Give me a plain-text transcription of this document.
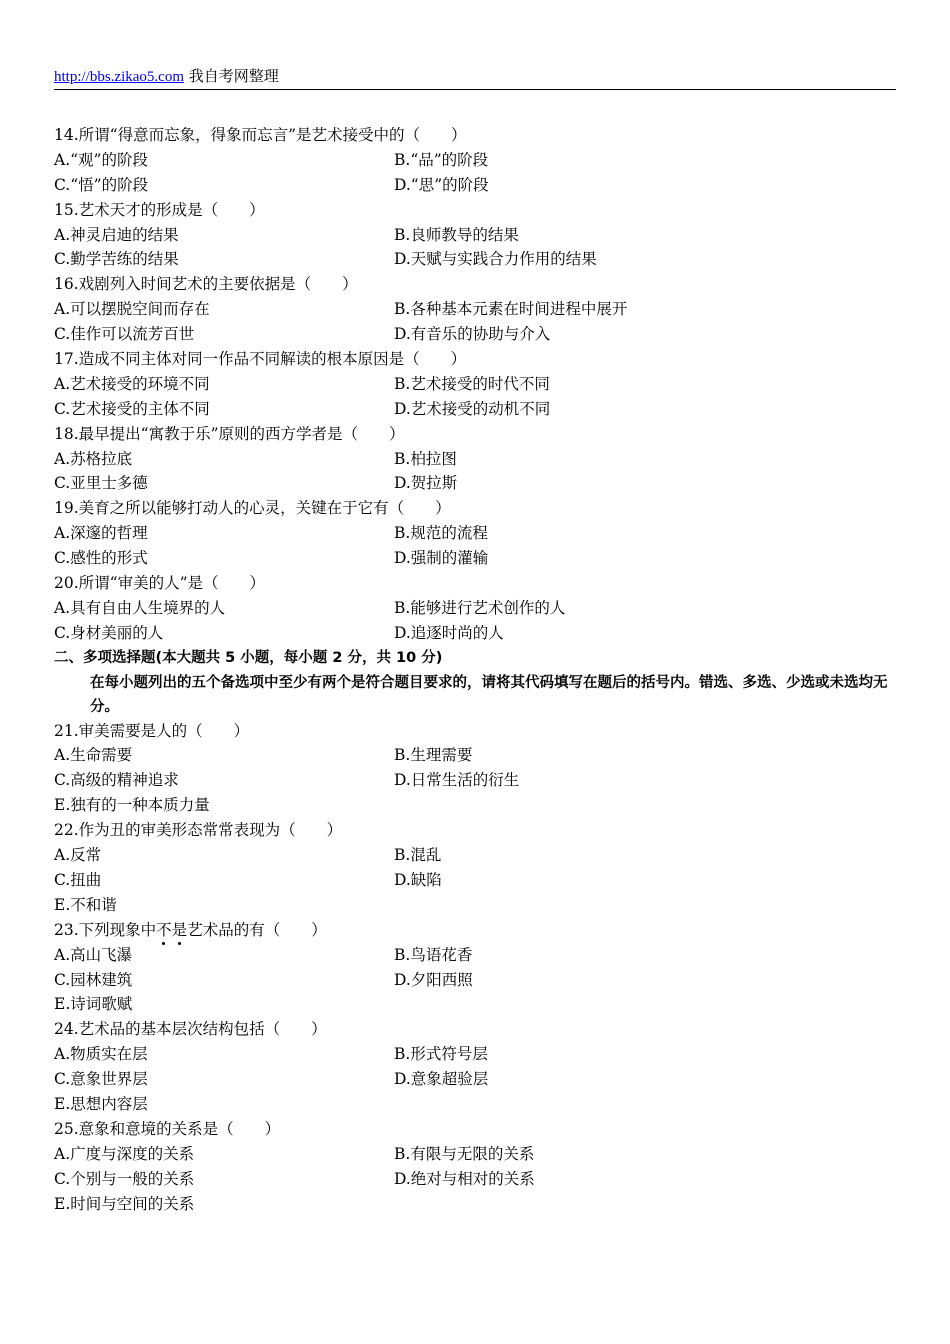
http://bbs.zikao5.com 我自考网整理
14.所谓“得意而忘象，得象而忘言”是艺术接受中的（　　）
A.“观”的阶段	B.“品”的阶段
C.“悟”的阶段	D.“思”的阶段
15.艺术天才的形成是（　　）
A.神灵启迪的结果	B.良师教导的结果
C.勤学苦练的结果	D.天赋与实践合力作用的结果
16.戏剧列入时间艺术的主要依据是（　　）
A.可以摆脱空间而存在	B.各种基本元素在时间进程中展开
C.佳作可以流芳百世	D.有音乐的协助与介入
17.造成不同主体对同一作品不同解读的根本原因是（　　）
A.艺术接受的环境不同	B.艺术接受的时代不同
C.艺术接受的主体不同	D.艺术接受的动机不同
18.最早提出“寓教于乐”原则的西方学者是（　　）
A.苏格拉底	B.柏拉图
C.亚里士多德	D.贺拉斯
19.美育之所以能够打动人的心灵，关键在于它有（　　）
A.深邃的哲理	B.规范的流程
C.感性的形式	D.强制的灌输
20.所谓“审美的人”是（　　）
A.具有自由人生境界的人	B.能够进行艺术创作的人
C.身材美丽的人	D.追逐时尚的人
二、多项选择题(本大题共 5 小题，每小题 2 分，共 10 分)
在每小题列出的五个备选项中至少有两个是符合题目要求的，请将其代码填写在题后的括号内。错选、多选、少选或未选均无分。
21.审美需要是人的（　　）
A.生命需要	B.生理需要
C.高级的精神追求	D.日常生活的衍生
E.独有的一种本质力量
22.作为丑的审美形态常常表现为（　　）
A.反常	B.混乱
C.扭曲	D.缺陷
E.不和谐
23.下列现象中不是艺术品的有（　　）
A.高山飞瀑	B.鸟语花香
C.园林建筑	D.夕阳西照
E.诗词歌赋
24.艺术品的基本层次结构包括（　　）
A.物质实在层	B.形式符号层
C.意象世界层	D.意象超验层
E.思想内容层
25.意象和意境的关系是（　　）
A.广度与深度的关系	B.有限与无限的关系
C.个别与一般的关系	D.绝对与相对的关系
E.时间与空间的关系
